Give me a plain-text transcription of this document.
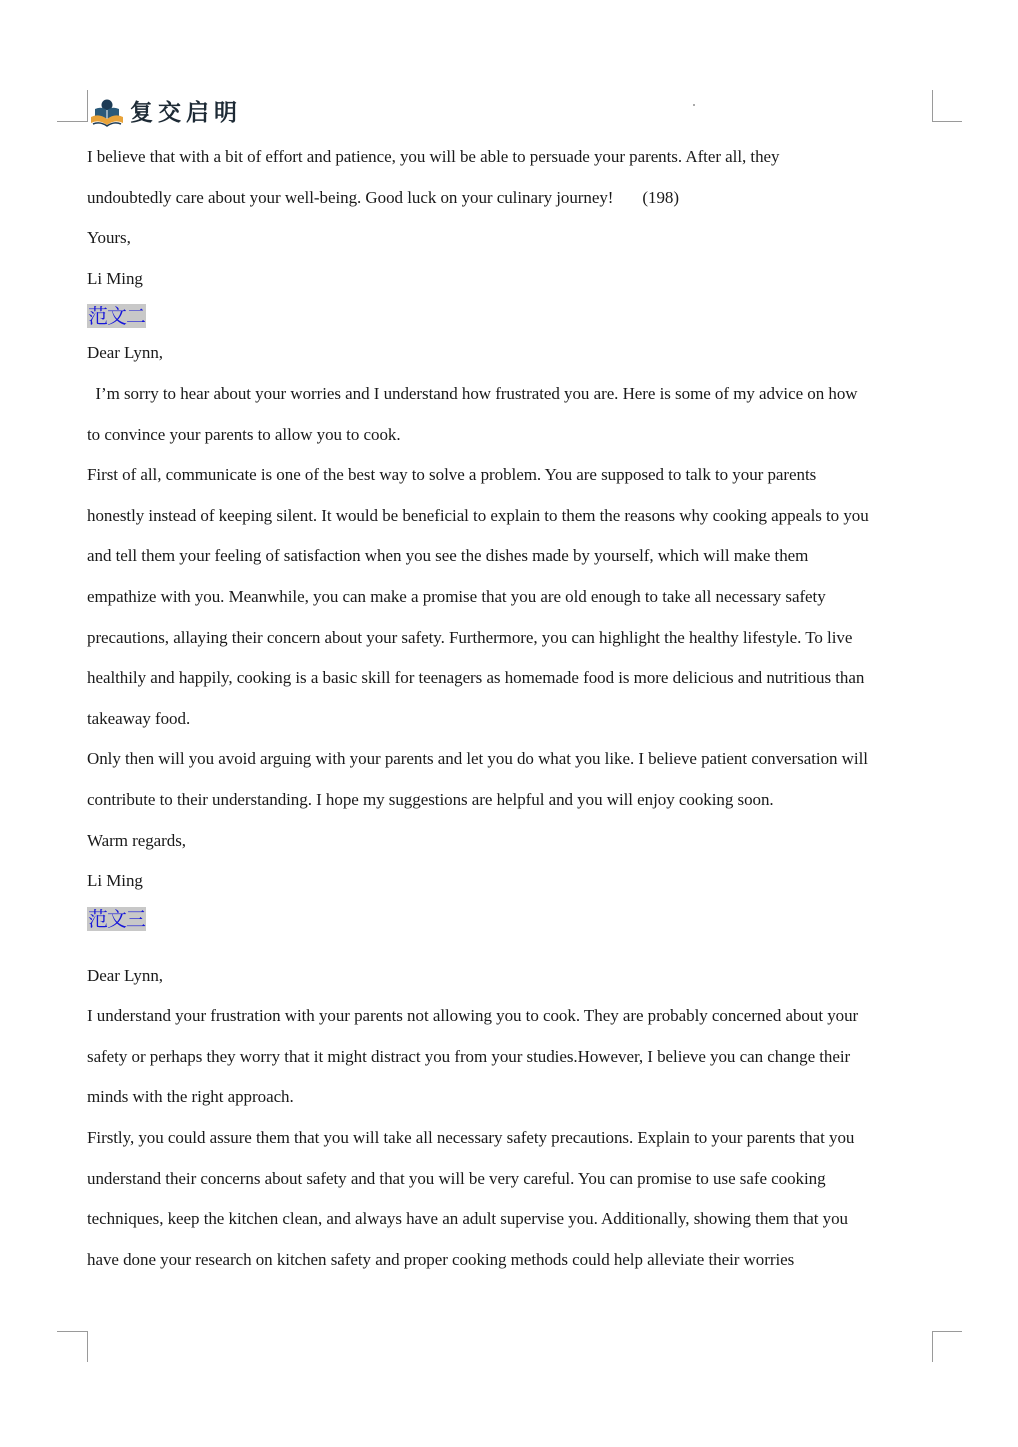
复交启明
I believe that with a bit of effort and patience, you will be able to persuade your parents. After all, they
undoubtedly care about your well-being. Good luck on your culinary journey! (198)
Yours,
Li Ming
范文二
Dear Lynn,
I’m sorry to hear about your worries and I understand how frustrated you are. Here is some of my advice on how
to convince your parents to allow you to cook.
First of all, communicate is one of the best way to solve a problem. You are supposed to talk to your parents
honestly instead of keeping silent. It would be beneficial to explain to them the reasons why cooking appeals to you
and tell them your feeling of satisfaction when you see the dishes made by yourself, which will make them
empathize with you. Meanwhile, you can make a promise that you are old enough to take all necessary safety
precautions, allaying their concern about your safety. Furthermore, you can highlight the healthy lifestyle. To live
healthily and happily, cooking is a basic skill for teenagers as homemade food is more delicious and nutritious than
takeaway food.
Only then will you avoid arguing with your parents and let you do what you like. I believe patient conversation will
contribute to their understanding. I hope my suggestions are helpful and you will enjoy cooking soon.
Warm regards,
Li Ming
范文三
Dear Lynn,
I understand your frustration with your parents not allowing you to cook. They are probably concerned about your
safety or perhaps they worry that it might distract you from your studies.However, I believe you can change their
minds with the right approach.
Firstly, you could assure them that you will take all necessary safety precautions. Explain to your parents that you
understand their concerns about safety and that you will be very careful. You can promise to use safe cooking
techniques, keep the kitchen clean, and always have an adult supervise you. Additionally, showing them that you
have done your research on kitchen safety and proper cooking methods could help alleviate their worries
